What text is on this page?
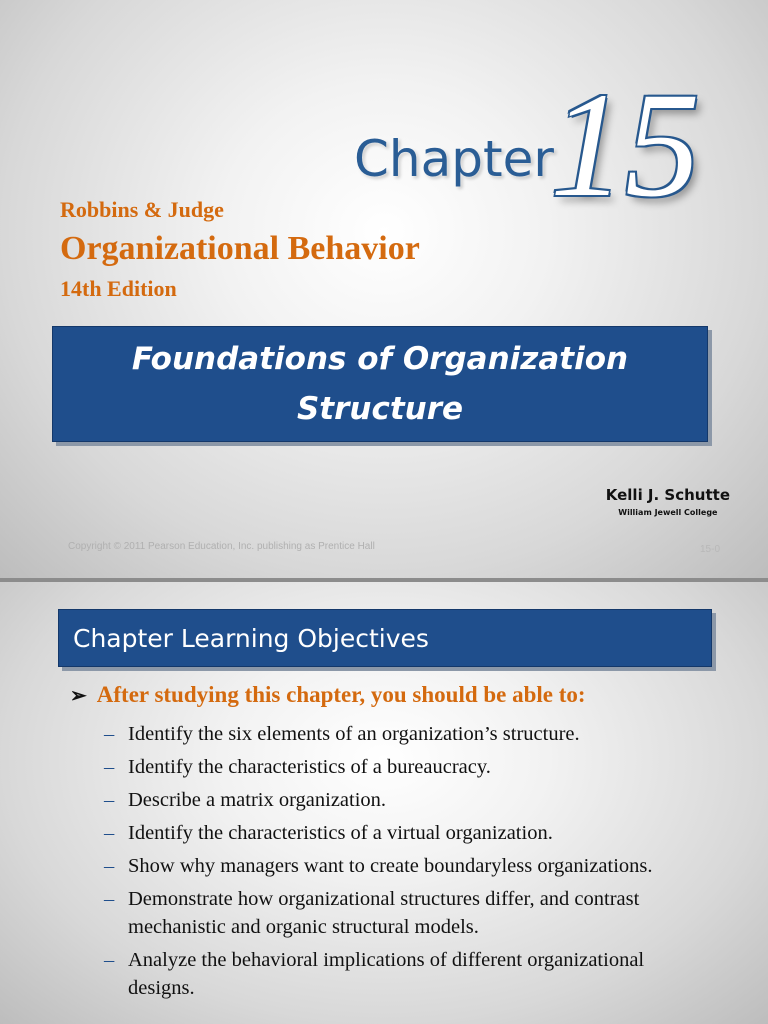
Chapter
15
Robbins & Judge
Organizational Behavior
14th Edition
Foundations of Organization Structure
Kelli J. Schutte
William Jewell College
Copyright © 2011 Pearson Education, Inc. publishing as Prentice Hall	15-0
Chapter Learning Objectives
➢ After studying this chapter, you should be able to:
– Identify the six elements of an organization’s structure.
– Identify the characteristics of a bureaucracy.
– Describe a matrix organization.
– Identify the characteristics of a virtual organization.
– Show why managers want to create boundaryless organizations.
– Demonstrate how organizational structures differ, and contrast mechanistic and organic structural models.
– Analyze the behavioral implications of different organizational designs.
